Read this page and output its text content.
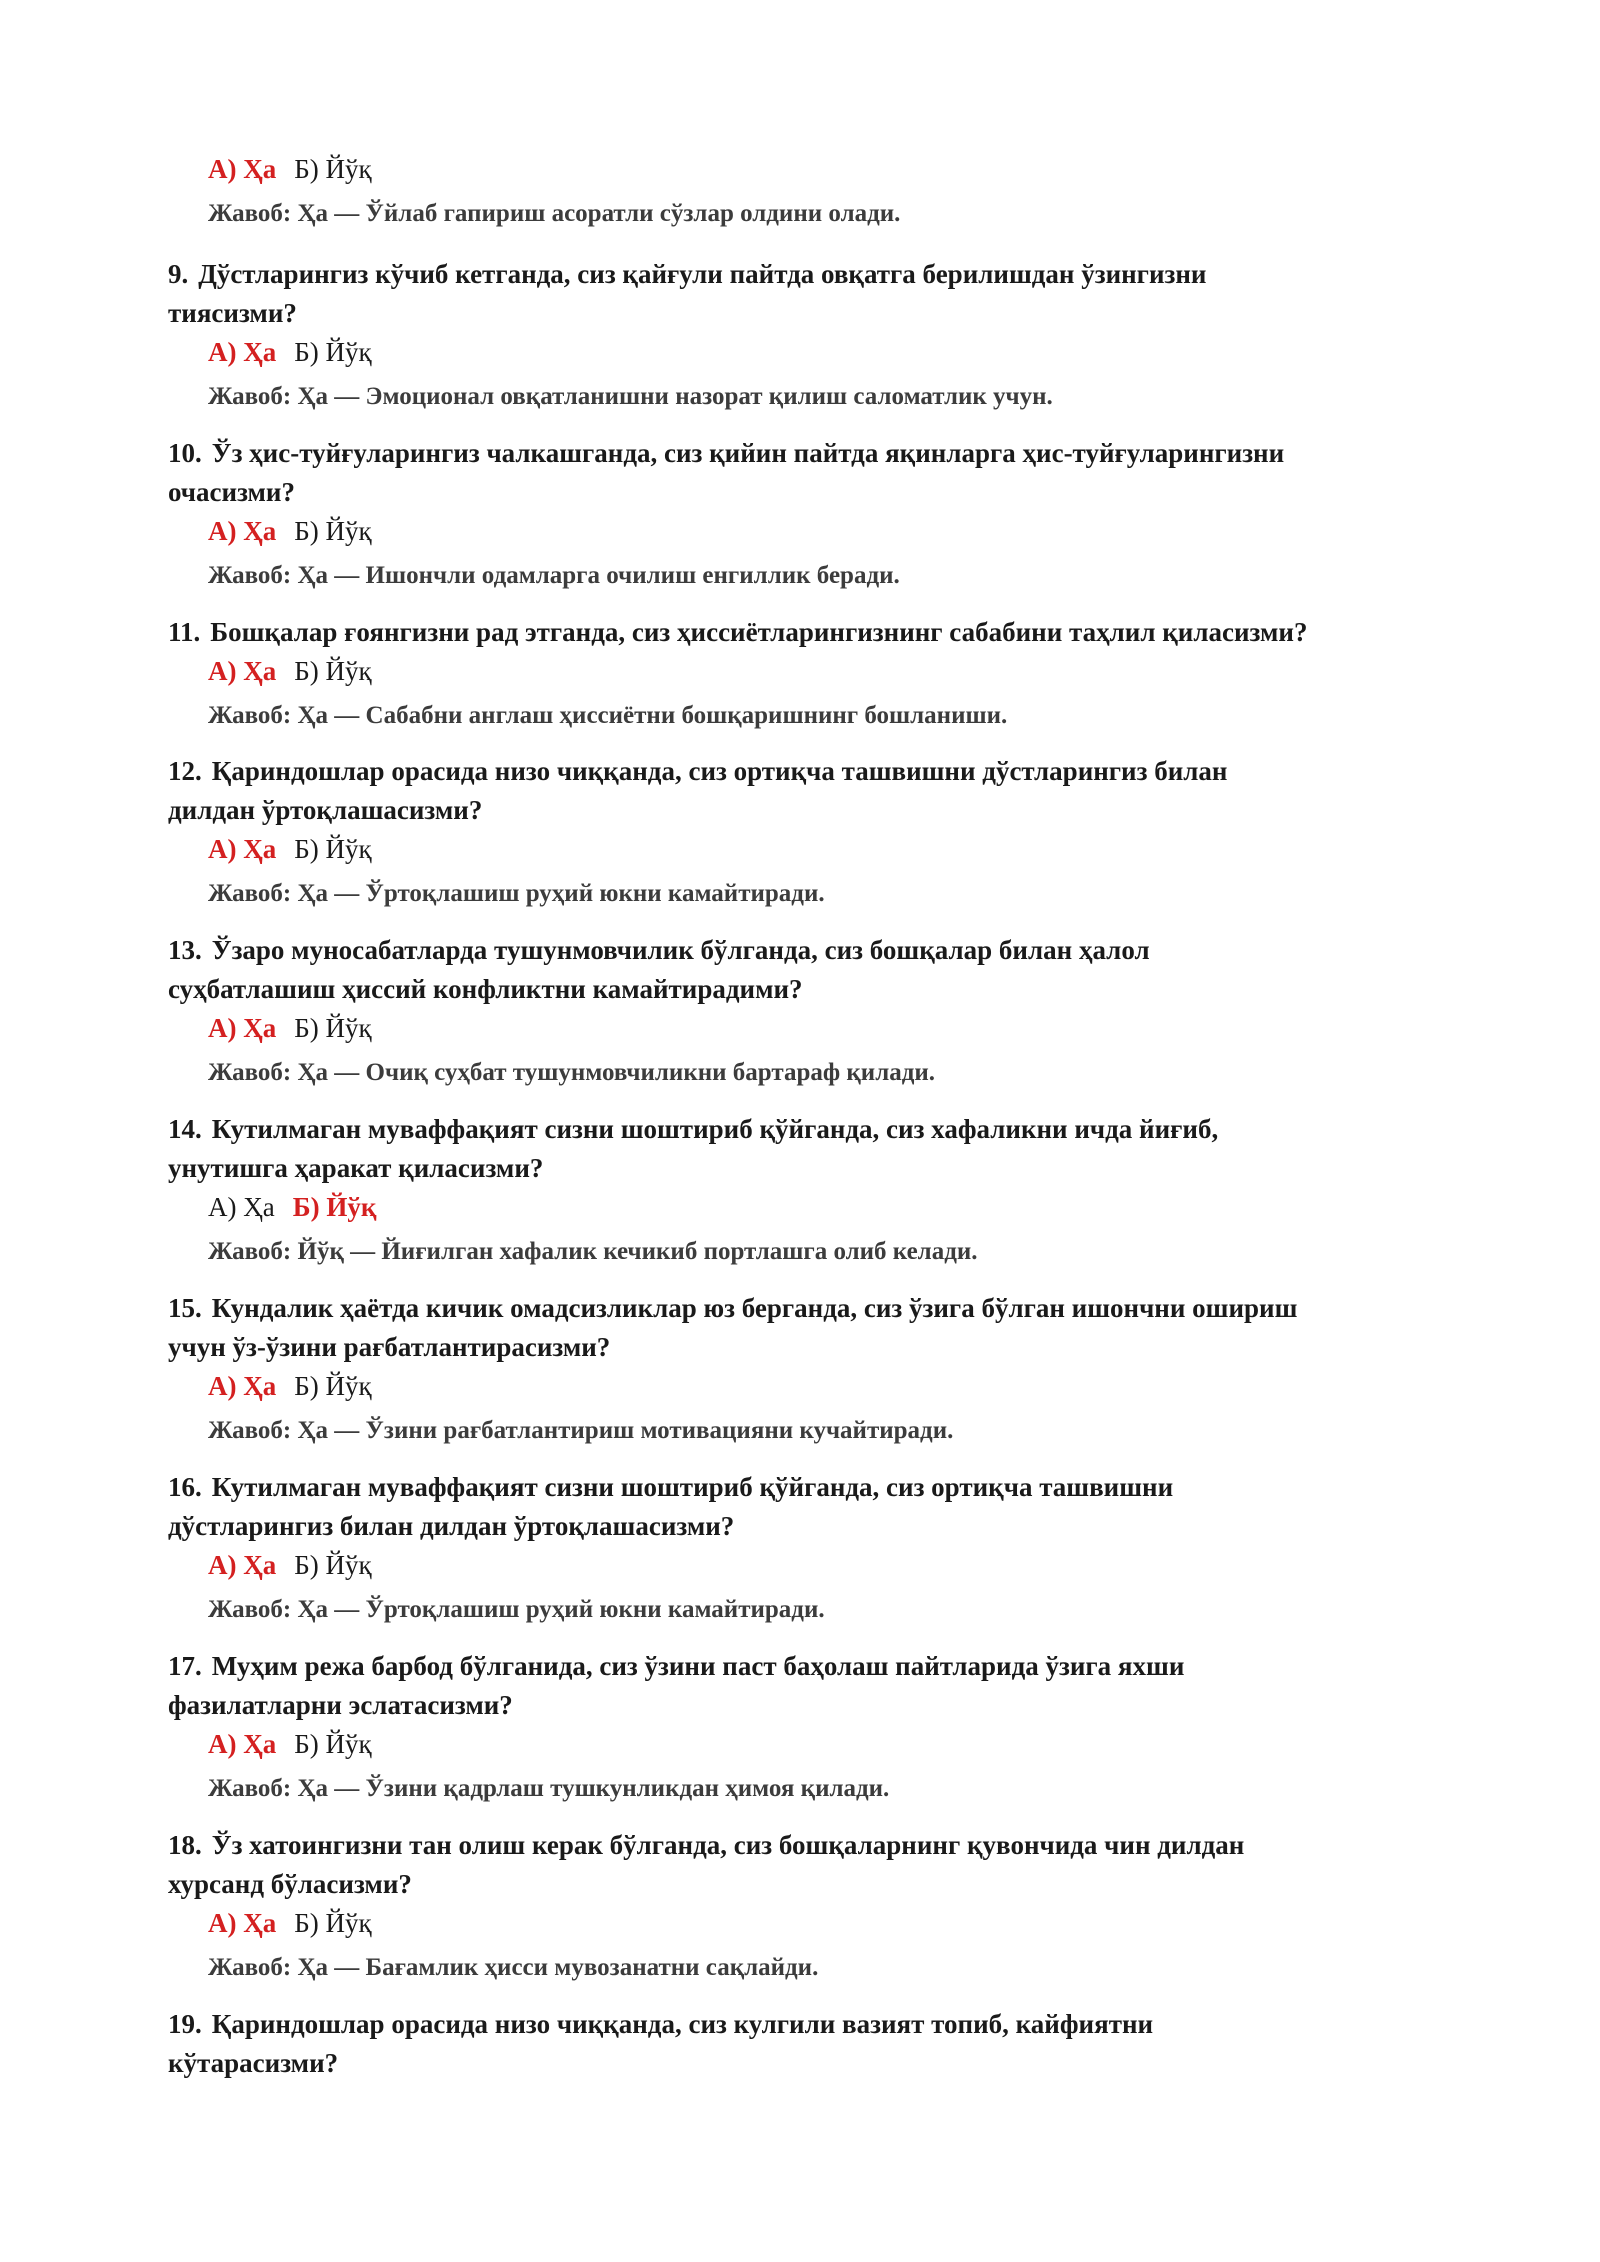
А) Ҳа Б) Йўқ
Жавоб: Ҳа — Ўйлаб гапириш асоратли сўзлар олдини олади.
9. Дўстларингиз кўчиб кетганда, сиз қайғули пайтда овқатга берилишдан ўзингизни
тиясизми?
А) Ҳа Б) Йўқ
Жавоб: Ҳа — Эмоционал овқатланишни назорат қилиш саломатлик учун.
10. Ўз ҳис-туйғуларингиз чалкашганда, сиз қийин пайтда яқинларга ҳис-туйғуларингизни
очасизми?
А) Ҳа Б) Йўқ
Жавоб: Ҳа — Ишончли одамларга очилиш енгиллик беради.
11. Бошқалар ғоянгизни рад этганда, сиз ҳиссиётларингизнинг сабабини таҳлил қиласизми?
А) Ҳа Б) Йўқ
Жавоб: Ҳа — Сабабни англаш ҳиссиётни бошқаришнинг бошланиши.
12. Қариндошлар орасида низо чиққанда, сиз ортиқча ташвишни дўстларингиз билан
дилдан ўртоқлашасизми?
А) Ҳа Б) Йўқ
Жавоб: Ҳа — Ўртоқлашиш руҳий юкни камайтиради.
13. Ўзаро муносабатларда тушунмовчилик бўлганда, сиз бошқалар билан ҳалол
суҳбатлашиш ҳиссий конфликтни камайтирадими?
А) Ҳа Б) Йўқ
Жавоб: Ҳа — Очиқ суҳбат тушунмовчиликни бартараф қилади.
14. Кутилмаган муваффақият сизни шоштириб қўйганда, сиз хафаликни ичда йиғиб,
унутишга ҳаракат қиласизми?
А) Ҳа Б) Йўқ
Жавоб: Йўқ — Йиғилган хафалик кечикиб портлашга олиб келади.
15. Кундалик ҳаётда кичик омадсизликлар юз берганда, сиз ўзига бўлган ишончни ошириш
учун ўз-ўзини рағбатлантирасизми?
А) Ҳа Б) Йўқ
Жавоб: Ҳа — Ўзини рағбатлантириш мотивацияни кучайтиради.
16. Кутилмаган муваффақият сизни шоштириб қўйганда, сиз ортиқча ташвишни
дўстларингиз билан дилдан ўртоқлашасизми?
А) Ҳа Б) Йўқ
Жавоб: Ҳа — Ўртоқлашиш руҳий юкни камайтиради.
17. Муҳим режа барбод бўлганида, сиз ўзини паст баҳолаш пайтларида ўзига яхши
фазилатларни эслатасизми?
А) Ҳа Б) Йўқ
Жавоб: Ҳа — Ўзини қадрлаш тушкунликдан ҳимоя қилади.
18. Ўз хатоингизни тан олиш керак бўлганда, сиз бошқаларнинг қувончида чин дилдан
хурсанд бўласизми?
А) Ҳа Б) Йўқ
Жавоб: Ҳа — Бағамлик ҳисси мувозанатни сақлайди.
19. Қариндошлар орасида низо чиққанда, сиз кулгили вазият топиб, кайфиятни
кўтарасизми?
